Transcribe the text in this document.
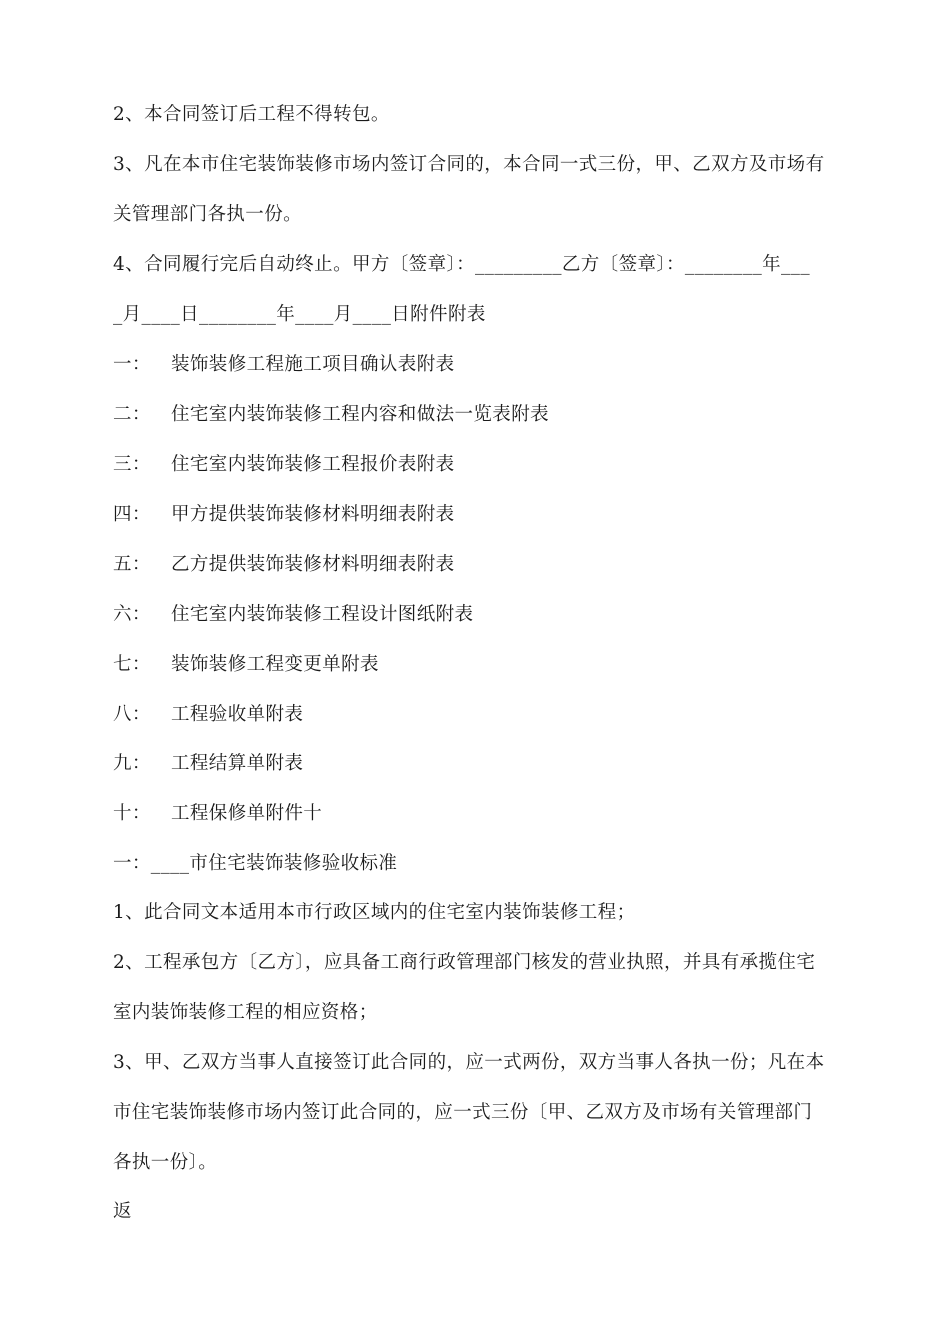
2、本合同签订后工程不得转包。
3、凡在本市住宅装饰装修市场内签订合同的，本合同一式三份，甲、乙双方及市场有
关管理部门各执一份。
4、合同履行完后自动终止。甲方〔签章〕：_________乙方〔签章〕：________年___
_月____日________年____月____日附件附表
一： 装饰装修工程施工项目确认表附表
二： 住宅室内装饰装修工程内容和做法一览表附表
三： 住宅室内装饰装修工程报价表附表
四： 甲方提供装饰装修材料明细表附表
五： 乙方提供装饰装修材料明细表附表
六： 住宅室内装饰装修工程设计图纸附表
七： 装饰装修工程变更单附表
八： 工程验收单附表
九： 工程结算单附表
十： 工程保修单附件十
一：____市住宅装饰装修验收标准
1、此合同文本适用本市行政区域内的住宅室内装饰装修工程；
2、工程承包方〔乙方〕，应具备工商行政管理部门核发的营业执照，并具有承揽住宅
室内装饰装修工程的相应资格；
3、甲、乙双方当事人直接签订此合同的，应一式两份，双方当事人各执一份；凡在本
市住宅装饰装修市场内签订此合同的，应一式三份〔甲、乙双方及市场有关管理部门
各执一份〕。
返
